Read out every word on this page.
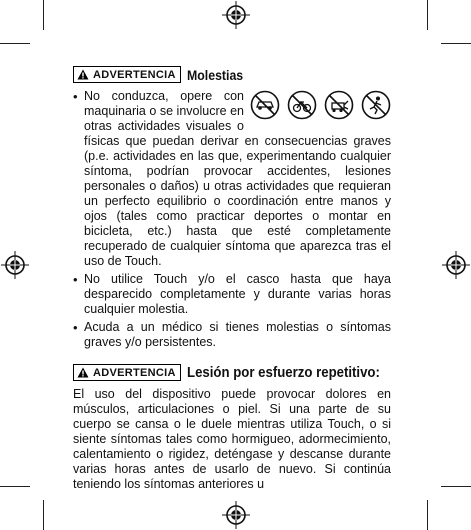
ADVERTENCIA Molestias

• No conduzca, opere con maquinaria o se involucre en otras actividades visuales o físicas que puedan derivar en consecuencias graves (p.e. actividades en las que, experimentando cualquier síntoma, podrían provocar accidentes, lesiones personales o daños) u otras actividades que requieran un perfecto equilibrio o coordinación entre manos y ojos (tales como practicar deportes o montar en bicicleta, etc.) hasta que esté completamente recuperado de cualquier síntoma que aparezca tras el uso de Touch.

• No utilice Touch y/o el casco hasta que haya desparecido completamente y durante varias horas cualquier molestia.

• Acuda a un médico si tienes molestias o síntomas graves y/o persistentes.

ADVERTENCIA Lesión por esfuerzo repetitivo:

El uso del dispositivo puede provocar dolores en músculos, articulaciones o piel. Si una parte de su cuerpo se cansa o le duele mientras utiliza Touch, o si siente síntomas tales como hormigueo, adormecimiento, calentamiento o rigidez, deténgase y descanse durante varias horas antes de usarlo de nuevo. Si continúa teniendo los síntomas anteriores u
